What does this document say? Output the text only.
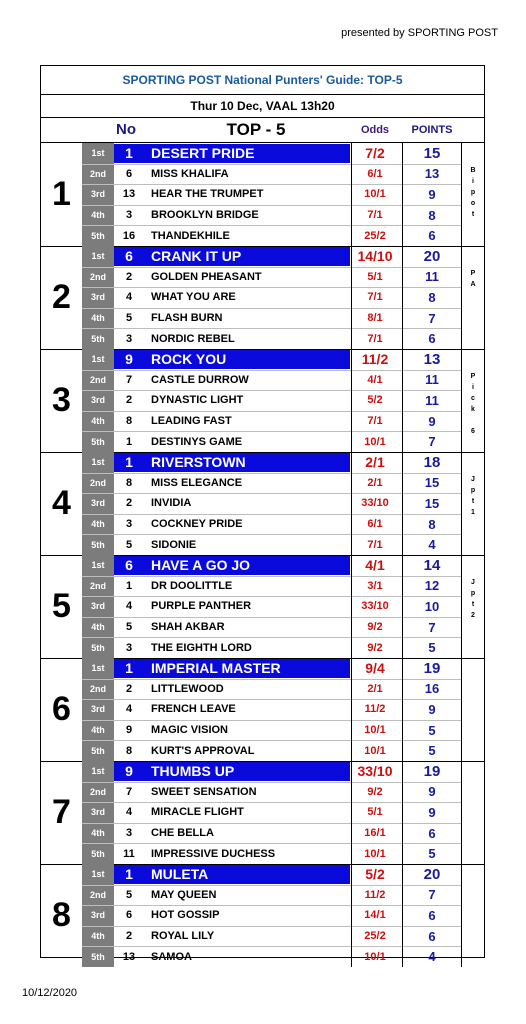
presented by SPORTING POST
SPORTING POST National Punters' Guide: TOP-5
Thur 10 Dec, VAAL 13h20
No	TOP - 5	Odds	POINTS
1
1st	1	DESERT PRIDE	7/2	15
2nd	6	MISS KHALIFA	6/1	13
3rd	13	HEAR THE TRUMPET	10/1	9
4th	3	BROOKLYN BRIDGE	7/1	8
5th	16	THANDEKHILE	25/2	6
B
i
p
o
t
2
1st	6	CRANK IT UP	14/10	20
2nd	2	GOLDEN PHEASANT	5/1	11
3rd	4	WHAT YOU ARE	7/1	8
4th	5	FLASH BURN	8/1	7
5th	3	NORDIC REBEL	7/1	6
P
A
3
1st	9	ROCK YOU	11/2	13
2nd	7	CASTLE DURROW	4/1	11
3rd	2	DYNASTIC LIGHT	5/2	11
4th	8	LEADING FAST	7/1	9
5th	1	DESTINYS GAME	10/1	7
P
i
c
k

6
4
1st	1	RIVERSTOWN	2/1	18
2nd	8	MISS ELEGANCE	2/1	15
3rd	2	INVIDIA	33/10	15
4th	3	COCKNEY PRIDE	6/1	8
5th	5	SIDONIE	7/1	4
J
p
t
1
5
1st	6	HAVE A GO JO	4/1	14
2nd	1	DR DOOLITTLE	3/1	12
3rd	4	PURPLE PANTHER	33/10	10
4th	5	SHAH AKBAR	9/2	7
5th	3	THE EIGHTH LORD	9/2	5
J
p
t
2
6
1st	1	IMPERIAL MASTER	9/4	19
2nd	2	LITTLEWOOD	2/1	16
3rd	4	FRENCH LEAVE	11/2	9
4th	9	MAGIC VISION	10/1	5
5th	8	KURT'S APPROVAL	10/1	5
7
1st	9	THUMBS UP	33/10	19
2nd	7	SWEET SENSATION	9/2	9
3rd	4	MIRACLE FLIGHT	5/1	9
4th	3	CHE BELLA	16/1	6
5th	11	IMPRESSIVE DUCHESS	10/1	5
8
1st	1	MULETA	5/2	20
2nd	5	MAY QUEEN	11/2	7
3rd	6	HOT GOSSIP	14/1	6
4th	2	ROYAL LILY	25/2	6
5th	13	SAMOA	10/1	4
10/12/2020
